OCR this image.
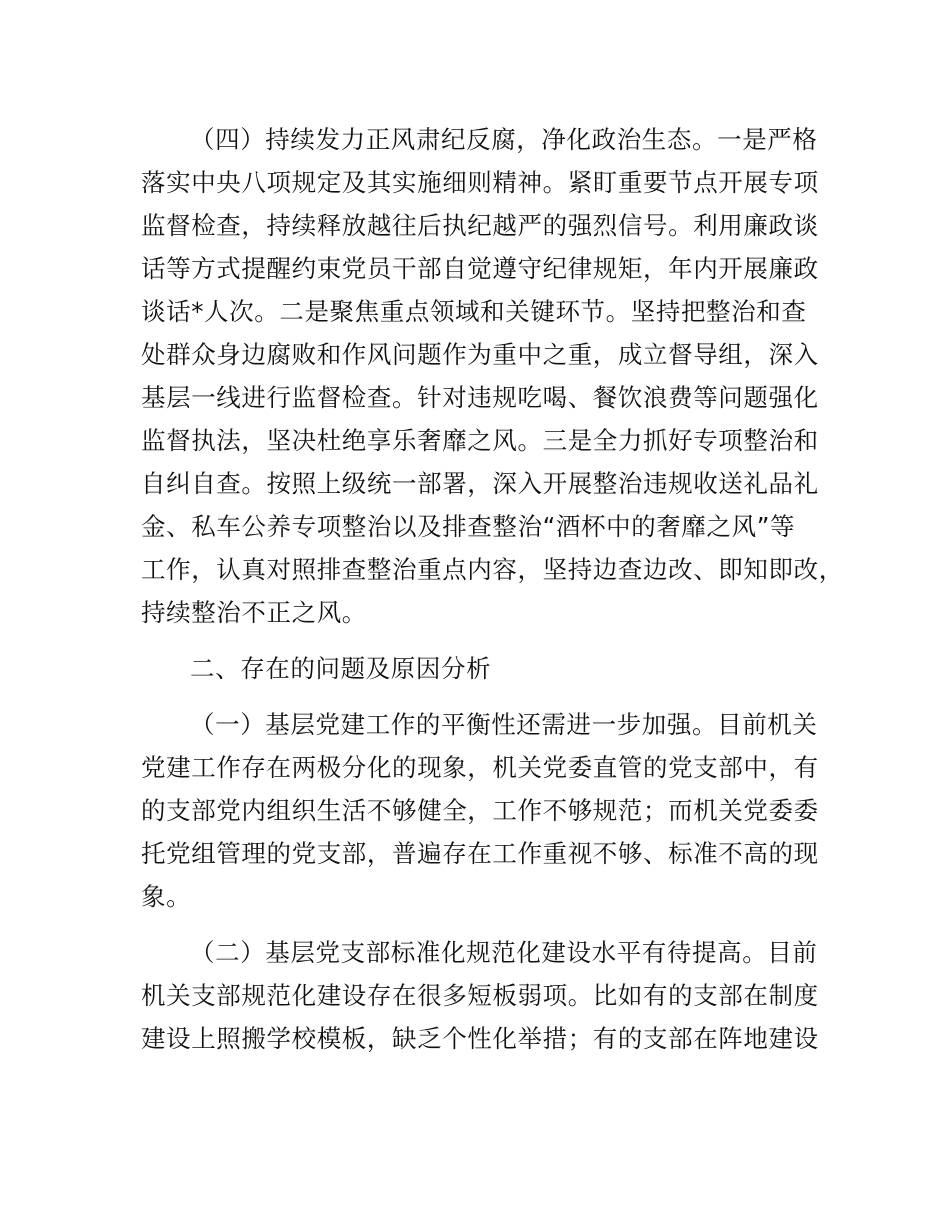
（四）持续发力正风肃纪反腐，净化政治生态。一是严格

落实中央八项规定及其实施细则精神。紧盯重要节点开展专项

监督检查，持续释放越往后执纪越严的强烈信号。利用廉政谈

话等方式提醒约束党员干部自觉遵守纪律规矩，年内开展廉政

谈话*人次。二是聚焦重点领域和关键环节。坚持把整治和查

处群众身边腐败和作风问题作为重中之重，成立督导组，深入

基层一线进行监督检查。针对违规吃喝、餐饮浪费等问题强化

监督执法，坚决杜绝享乐奢靡之风。三是全力抓好专项整治和

自纠自查。按照上级统一部署，深入开展整治违规收送礼品礼

金、私车公养专项整治以及排查整治“酒杯中的奢靡之风”等

工作，认真对照排查整治重点内容，坚持边查边改、即知即改，

持续整治不正之风。

二、存在的问题及原因分析

（一）基层党建工作的平衡性还需进一步加强。目前机关

党建工作存在两极分化的现象，机关党委直管的党支部中，有

的支部党内组织生活不够健全，工作不够规范；而机关党委委

托党组管理的党支部，普遍存在工作重视不够、标准不高的现

象。

（二）基层党支部标准化规范化建设水平有待提高。目前

机关支部规范化建设存在很多短板弱项。比如有的支部在制度

建设上照搬学校模板，缺乏个性化举措；有的支部在阵地建设
